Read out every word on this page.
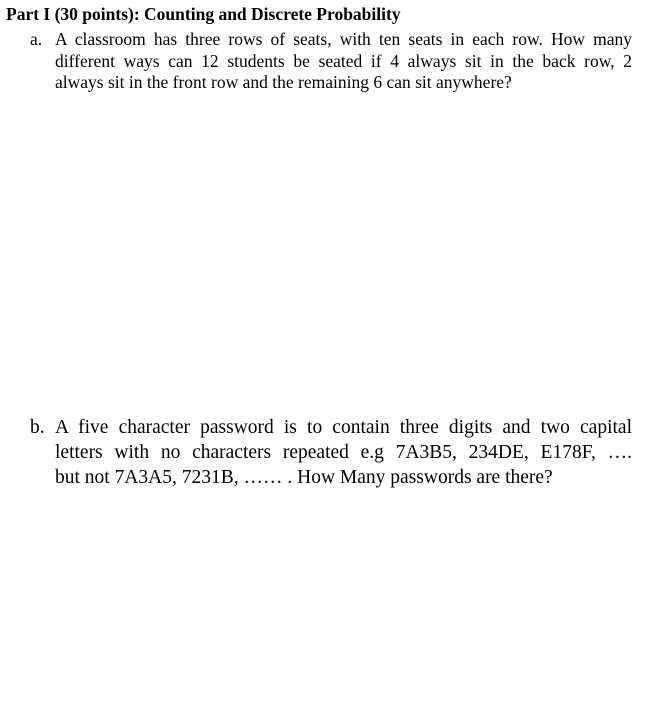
Part I (30 points): Counting and Discrete Probability
a. A classroom has three rows of seats, with ten seats in each row. How many
different ways can 12 students be seated if 4 always sit in the back row, 2
always sit in the front row and the remaining 6 can sit anywhere?
b. A five character password is to contain three digits and two capital
letters with no characters repeated e.g 7A3B5, 234DE, E178F, ….
but not 7A3A5, 7231B, …… . How Many passwords are there?
